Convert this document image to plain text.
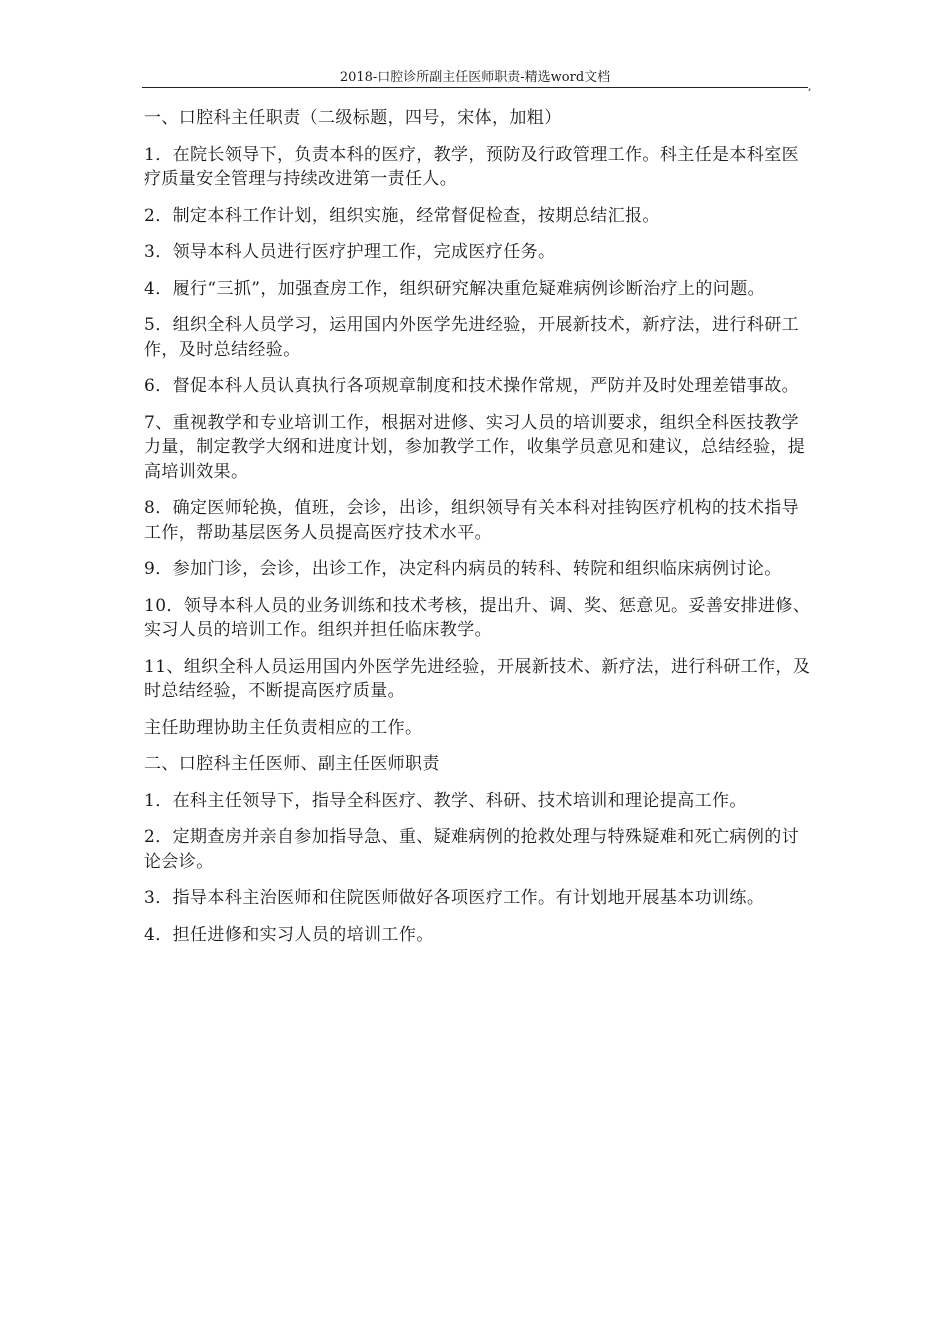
2018-口腔诊所副主任医师职责-精选word文档
,

一、口腔科主任职责（二级标题，四号，宋体，加粗）

1．在院长领导下，负责本科的医疗，教学，预防及行政管理工作。科主任是本科室医疗质量安全管理与持续改进第一责任人。

2．制定本科工作计划，组织实施，经常督促检查，按期总结汇报。

3．领导本科人员进行医疗护理工作，完成医疗任务。

4．履行“三抓”，加强查房工作，组织研究解决重危疑难病例诊断治疗上的问题。

5．组织全科人员学习，运用国内外医学先进经验，开展新技术，新疗法，进行科研工作，及时总结经验。

6．督促本科人员认真执行各项规章制度和技术操作常规，严防并及时处理差错事故。

7、重视教学和专业培训工作，根据对进修、实习人员的培训要求，组织全科医技教学力量，制定教学大纲和进度计划，参加教学工作，收集学员意见和建议，总结经验，提高培训效果。

8．确定医师轮换，值班，会诊，出诊，组织领导有关本科对挂钩医疗机构的技术指导工作，帮助基层医务人员提高医疗技术水平。

9．参加门诊，会诊，出诊工作，决定科内病员的转科、转院和组织临床病例讨论。

10．领导本科人员的业务训练和技术考核，提出升、调、奖、惩意见。妥善安排进修、实习人员的培训工作。组织并担任临床教学。

11、组织全科人员运用国内外医学先进经验，开展新技术、新疗法，进行科研工作，及时总结经验，不断提高医疗质量。

主任助理协助主任负责相应的工作。

二、口腔科主任医师、副主任医师职责

1．在科主任领导下，指导全科医疗、教学、科研、技术培训和理论提高工作。

2．定期查房并亲自参加指导急、重、疑难病例的抢救处理与特殊疑难和死亡病例的讨论会诊。

3．指导本科主治医师和住院医师做好各项医疗工作。有计划地开展基本功训练。

4．担任进修和实习人员的培训工作。
